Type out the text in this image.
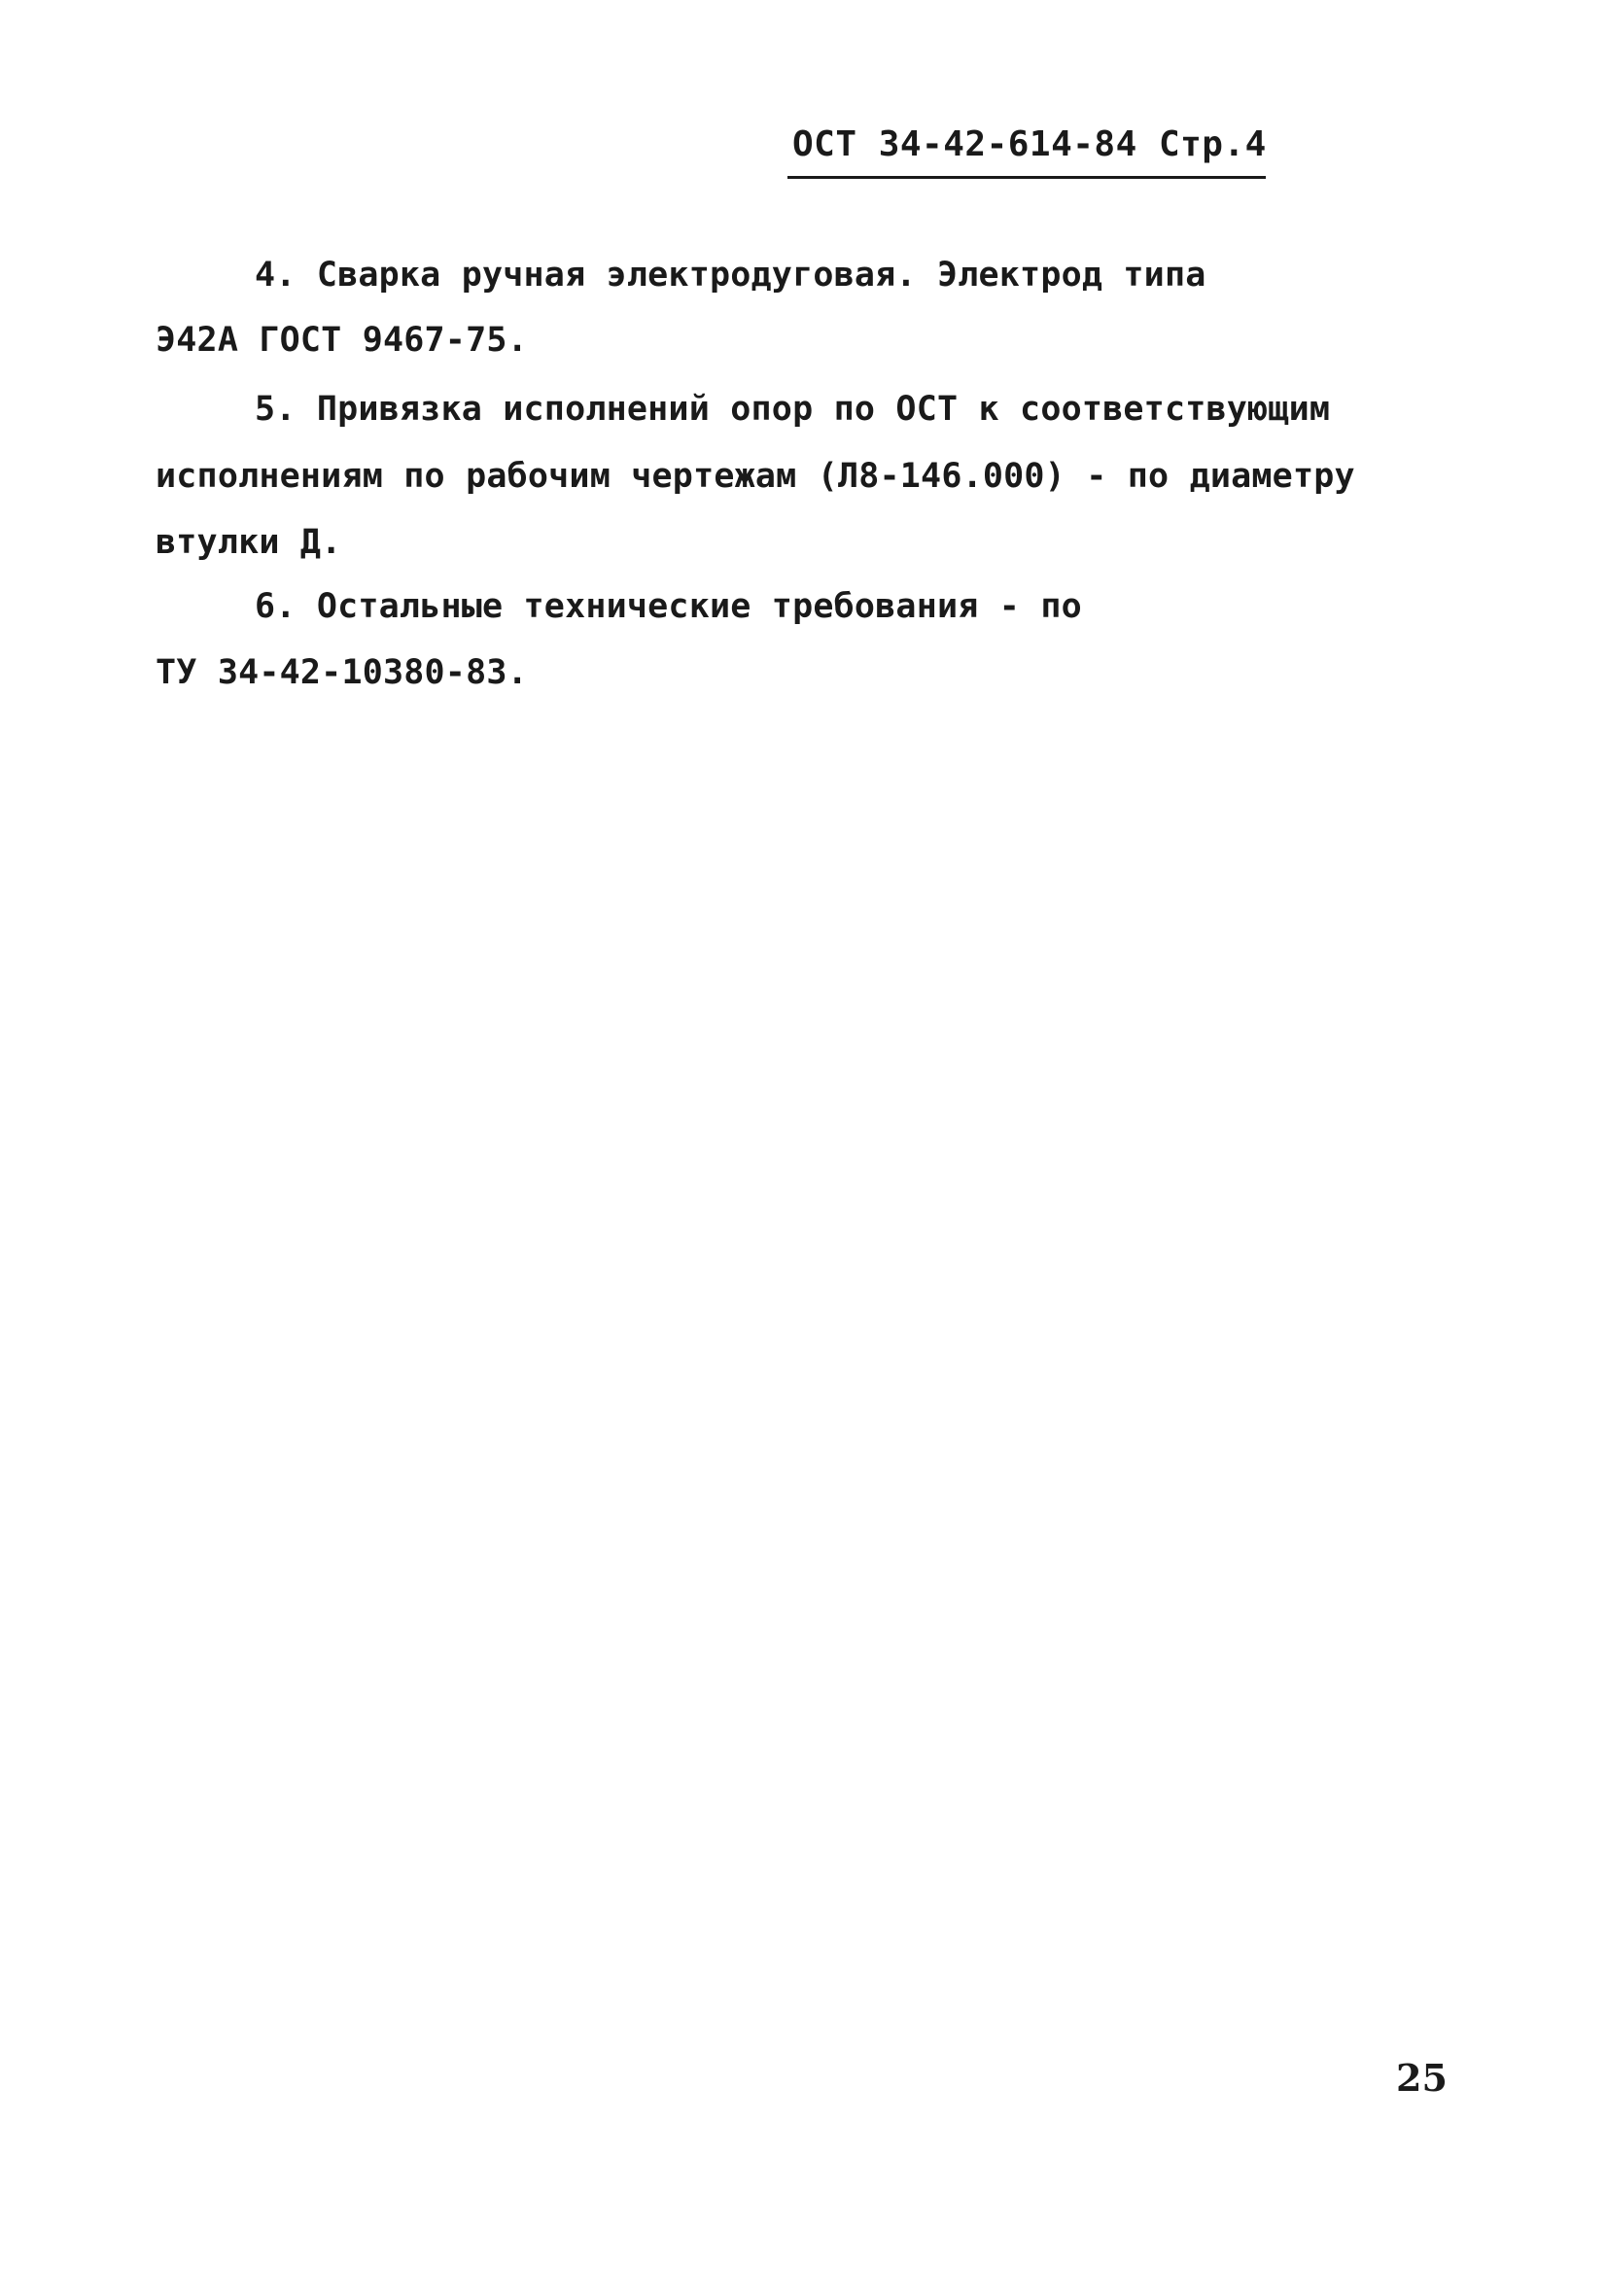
ОСТ 34-42-614-84 Стр.4
4. Сварка ручная электродуговая. Электрод типа
Э42А ГОСТ 9467-75.
5. Привязка исполнений опор по ОСТ к соответствующим
исполнениям по рабочим чертежам (Л8-146.000) - по диаметру
втулки Д.
6. Остальные технические требования - по
ТУ 34-42-10380-83.
25
